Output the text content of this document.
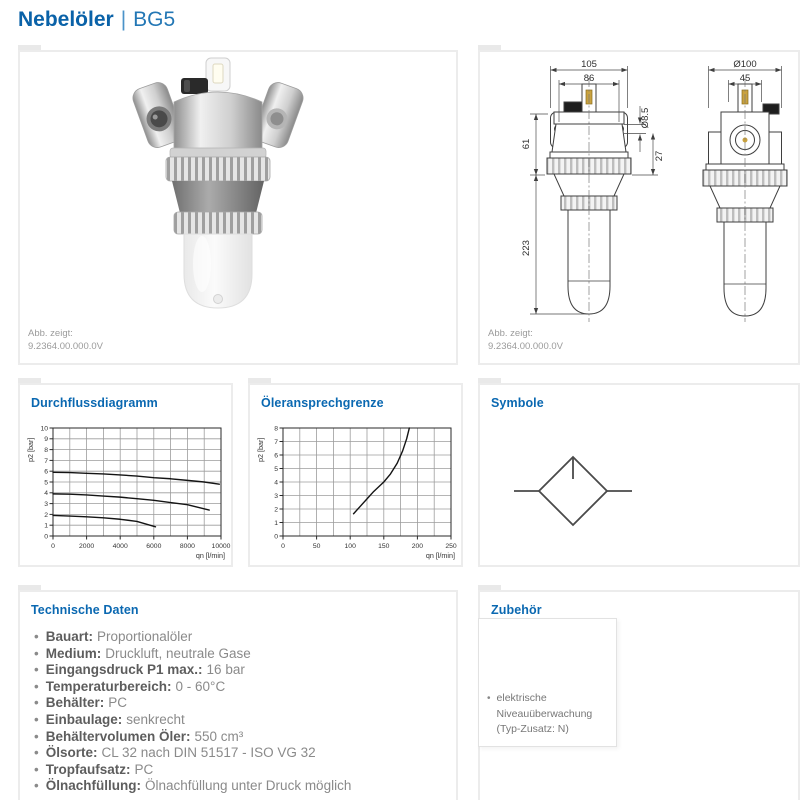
Nebelöler | BG5
Abb. zeigt:
9.2364.00.000.0V
105
86
Ø8.5
61
27
223
Ø100
45
Abb. zeigt:
9.2364.00.000.0V
Durchflussdiagramm
0	2000	4000	6000	8000 10000
0
1
2
3
4
5
6
7
8
9
10
qn [l/min]
p2 [bar]
Öleransprechgrenze
0	50	100	150	200	250
0
1
2
3
4
5
6
7
8
qn [l/min]
p2 [bar]
Symbole
Technische Daten
• Bauart: Proportionalöler
• Medium: Druckluft, neutrale Gase
• Eingangsdruck P1 max.: 16 bar
• Temperaturbereich: 0 - 60°C
• Behälter: PC
• Einbaulage: senkrecht
• Behältervolumen Öler: 550 cm³
• Ölsorte: CL 32 nach DIN 51517 - ISO VG 32
• Tropfaufsatz: PC
• Ölnachfüllung: Ölnachfüllung unter Druck möglich
Zubehör
• elektrische
Niveauüberwachung
(Typ-Zusatz: N)
